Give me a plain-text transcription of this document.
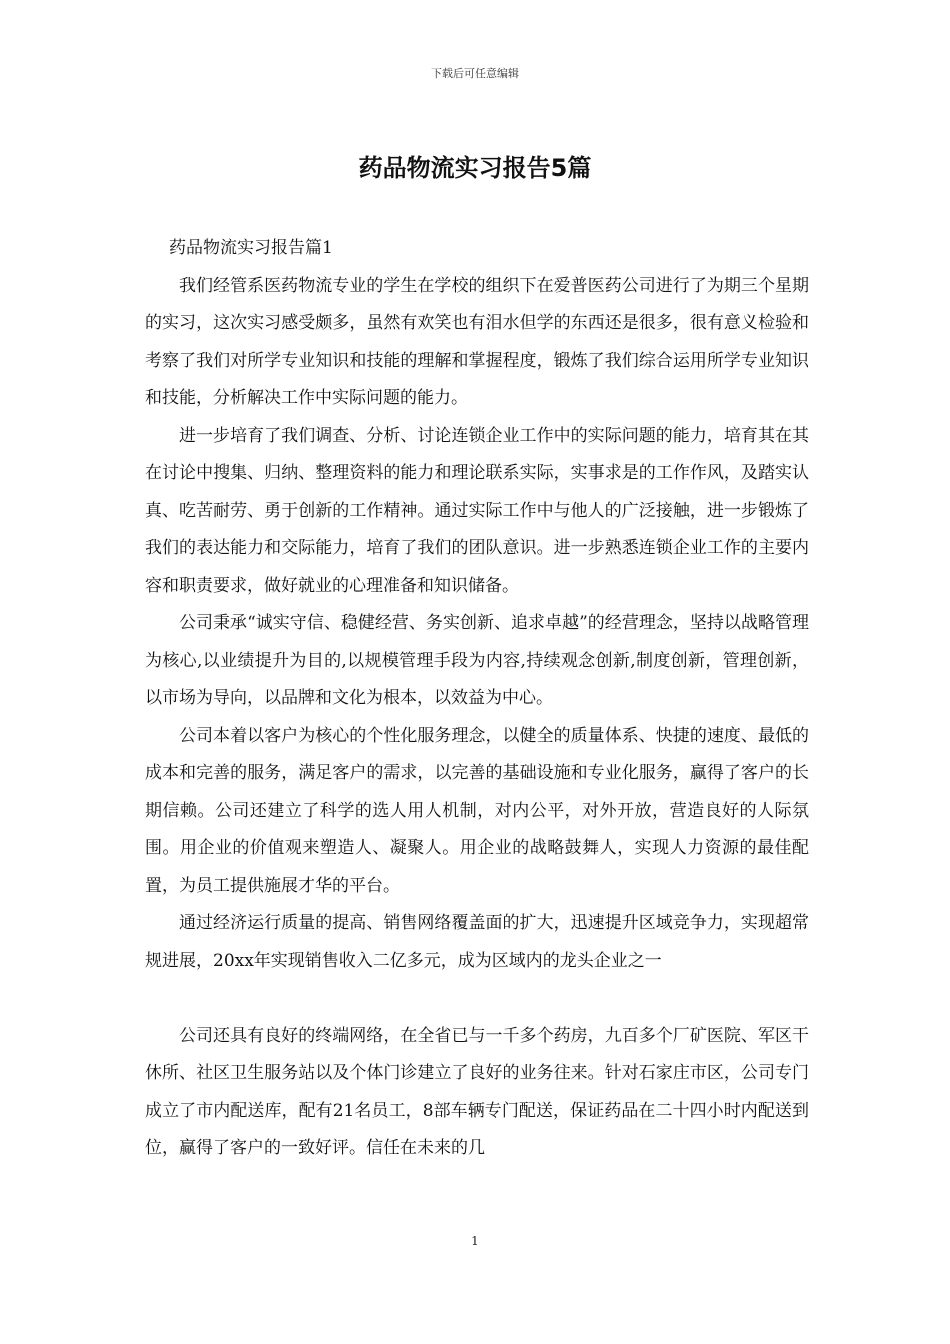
下载后可任意编辑
药品物流实习报告5篇

药品物流实习报告篇1

我们经管系医药物流专业的学生在学校的组织下在爱普医药公司进行了为期三个星期的实习，这次实习感受颇多，虽然有欢笑也有泪水但学的东西还是很多，很有意义检验和考察了我们对所学专业知识和技能的理解和掌握程度，锻炼了我们综合运用所学专业知识和技能，分析解决工作中实际问题的能力。

进一步培育了我们调查、分析、讨论连锁企业工作中的实际问题的能力，培育其在其在讨论中搜集、归纳、整理资料的能力和理论联系实际，实事求是的工作作风，及踏实认真、吃苦耐劳、勇于创新的工作精神。通过实际工作中与他人的广泛接触，进一步锻炼了我们的表达能力和交际能力，培育了我们的团队意识。进一步熟悉连锁企业工作的主要内容和职责要求，做好就业的心理准备和知识储备。

公司秉承“诚实守信、稳健经营、务实创新、追求卓越”的经营理念，坚持以战略管理为核心,以业绩提升为目的,以规模管理手段为内容,持续观念创新,制度创新，管理创新，以市场为导向，以品牌和文化为根本，以效益为中心。

公司本着以客户为核心的个性化服务理念，以健全的质量体系、快捷的速度、最低的成本和完善的服务，满足客户的需求，以完善的基础设施和专业化服务，赢得了客户的长期信赖。公司还建立了科学的选人用人机制，对内公平，对外开放，营造良好的人际氛围。用企业的价值观来塑造人、凝聚人。用企业的战略鼓舞人，实现人力资源的最佳配置，为员工提供施展才华的平台。

通过经济运行质量的提高、销售网络覆盖面的扩大，迅速提升区域竞争力，实现超常规进展，20xx年实现销售收入二亿多元，成为区域内的龙头企业之一

公司还具有良好的终端网络，在全省已与一千多个药房，九百多个厂矿医院、军区干休所、社区卫生服务站以及个体门诊建立了良好的业务往来。针对石家庄市区，公司专门成立了市内配送库，配有21名员工，8部车辆专门配送，保证药品在二十四小时内配送到位，赢得了客户的一致好评。信任在未来的几

1
